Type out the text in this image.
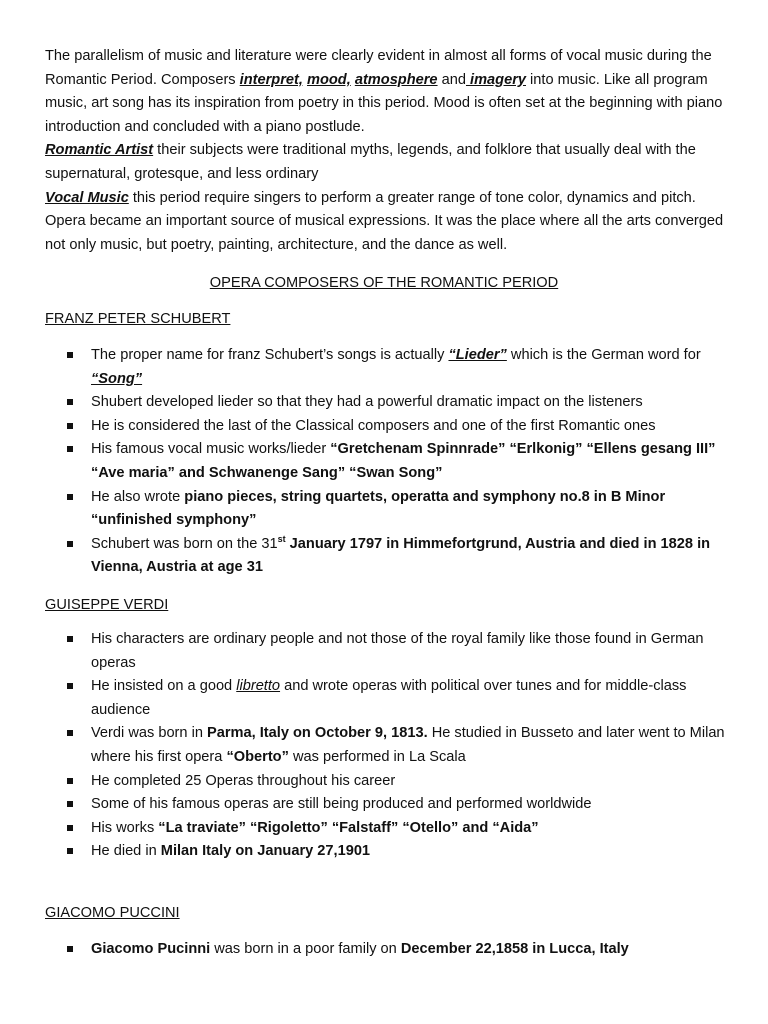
The parallelism of music and literature were clearly evident in almost all forms of vocal music during the Romantic Period. Composers interpret, mood, atmosphere and imagery into music. Like all program music, art song has its inspiration from poetry in this period. Mood is often set at the beginning with piano introduction and concluded with a piano postlude.

Romantic Artist their subjects were traditional myths, legends, and folklore that usually deal with the supernatural, grotesque, and less ordinary

Vocal Music this period require singers to perform a greater range of tone color, dynamics and pitch. Opera became an important source of musical expressions. It was the place where all the arts converged not only music, but poetry, painting, architecture, and the dance as well.

OPERA COMPOSERS OF THE ROMANTIC PERIOD
FRANZ PETER SCHUBERT
The proper name for franz Schubert’s songs is actually “Lieder” which is the German word for “Song”
Shubert developed lieder so that they had a powerful dramatic impact on the listeners
He is considered the last of the Classical composers and one of the first Romantic ones
His famous vocal music works/lieder “Gretchenam Spinnrade” “Erlkonig” “Ellens gesang III” “Ave maria” and Schwanenge Sang” “Swan Song”
He also wrote piano pieces, string quartets, operatta and symphony no.8 in B Minor “unfinished symphony”
Schubert was born on the 31st January 1797 in Himmefortgrund, Austria and died in 1828 in Vienna, Austria at age 31
GUISEPPE VERDI
His characters are ordinary people and not those of the royal family like those found in German operas
He insisted on a good libretto and wrote operas with political over tunes and for middle-class audience
Verdi was born in Parma, Italy on October 9, 1813. He studied in Busseto and later went to Milan where his first opera “Oberto” was performed in La Scala
He completed 25 Operas throughout his career
Some of his famous operas are still being produced and performed worldwide
His works “La traviate” “Rigoletto” “Falstaff” “Otello” and “Aida”
He died in Milan Italy on January 27,1901
GIACOMO PUCCINI
Giacomo Pucinni was born in a poor family on December 22,1858 in Lucca, Italy
